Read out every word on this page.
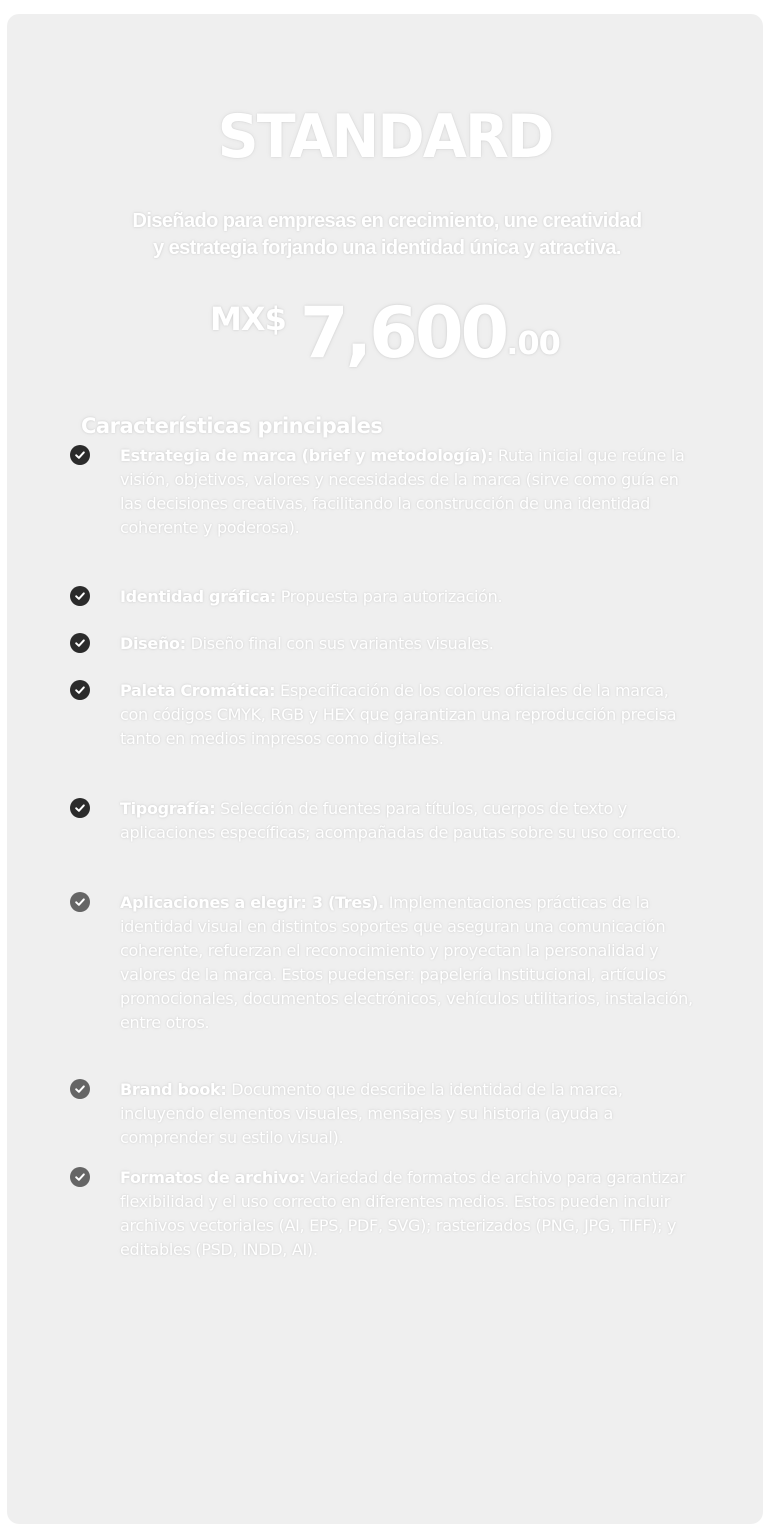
STANDARD
Diseñado para empresas en crecimiento, une creatividad y estrategia forjando una identidad única y atractiva.
MX$ 7,600.00
Características principales
Estrategia de marca (brief y metodología): Ruta inicial que reúne la visión, objetivos, valores y necesidades de la marca (sirve como guía en las decisiones creativas, facilitando la construcción de una identidad coherente y poderosa).
Identidad gráfica: Propuesta para autorización.
Diseño: Diseño final con sus variantes visuales.
Paleta Cromática: Especificación de los colores oficiales de la marca, con códigos CMYK, RGB y HEX que garantizan una reproducción precisa tanto en medios impresos como digitales.
Tipografía: Selección de fuentes para títulos, cuerpos de texto y aplicaciones específicas; acompañadas de pautas sobre su uso correcto.
Aplicaciones a elegir: 3 (Tres). Implementaciones prácticas de la identidad visual en distintos soportes que aseguran una comunicación coherente, refuerzan el reconocimiento y proyectan la personalidad y valores de la marca. Estos puedenser: papelería Institucional, artículos promocionales, documentos electrónicos, vehículos utilitarios, instalación, entre otros.
Brand book: Documento que describe la identidad de la marca, incluyendo elementos visuales, mensajes y su historia (ayuda a comprender su estilo visual).
Formatos de archivo: Variedad de formatos de archivo para garantizar flexibilidad y el uso correcto en diferentes medios. Estos pueden incluir archivos vectoriales (AI, EPS, PDF, SVG); rasterizados (PNG, JPG, TIFF); y editables (PSD, INDD, AI).
